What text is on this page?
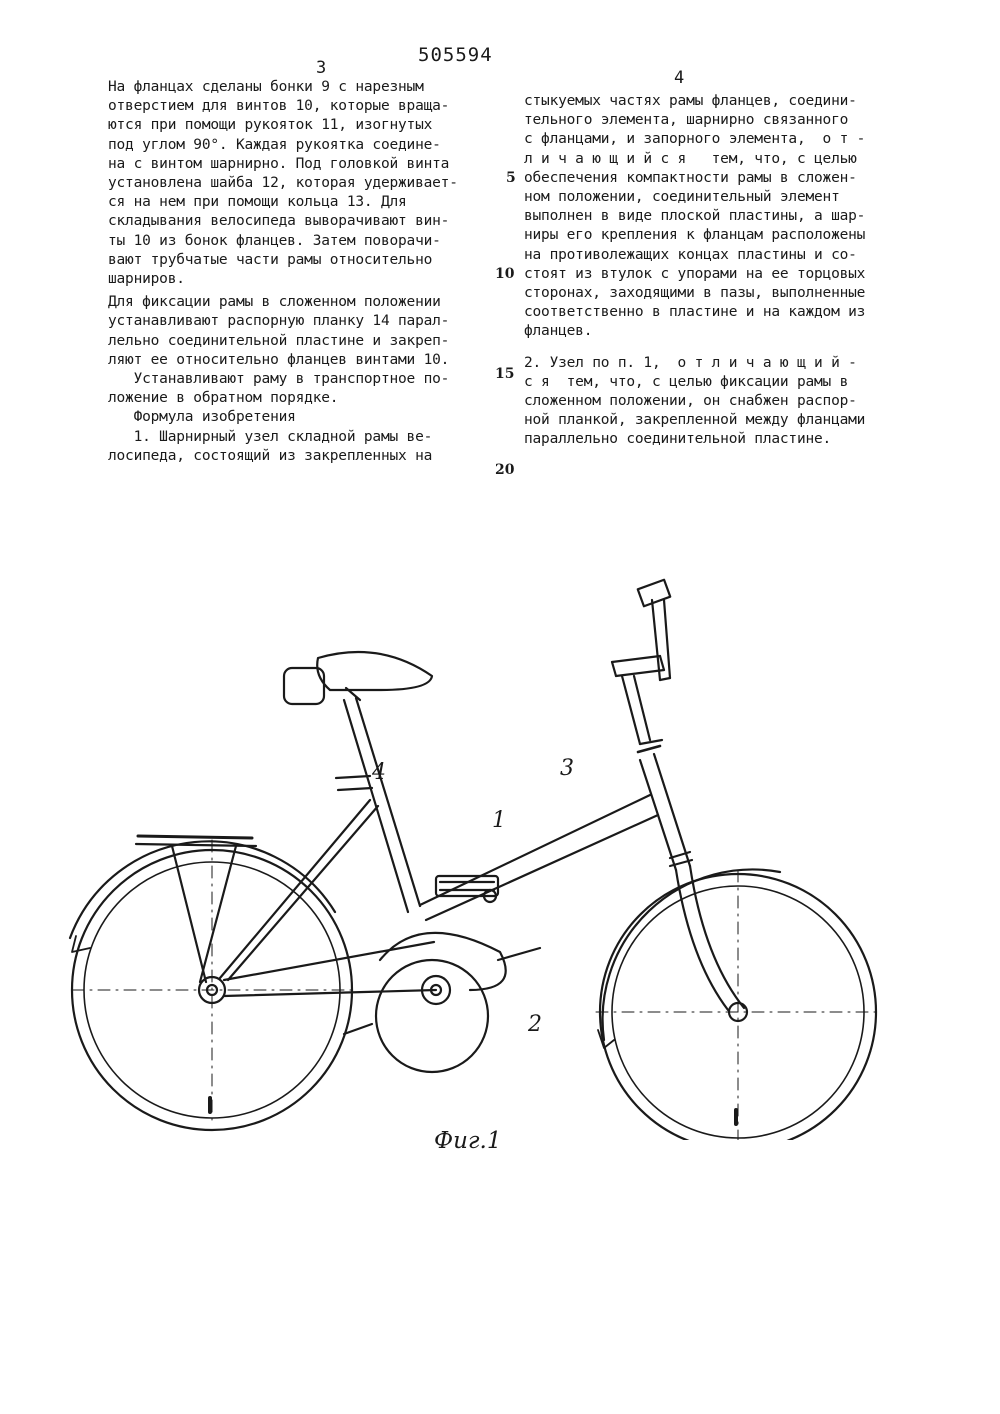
505594
3	4

На фланцах сделаны бонки 9 с нарезным

отверстием для винтов 10, которые враща-

ются при помощи рукояток 11, изогнутых

под углом 90°. Каждая рукоятка соедине-

на с винтом шарнирно. Под головкой винта

установлена шайба 12, которая удерживает-

ся на нем при помощи кольца 13. Для

складывания велосипеда выворачивают вин-

ты 10 из бонок фланцев. Затем поворачи-

вают трубчатые части рамы относительно

шарниров.

Для фиксации рамы в сложенном положении

устанавливают распорную планку 14 парал-

лельно соединительной пластине и закреп-

ляют ее относительно фланцев винтами 10.

Устанавливают раму в транспортное по-

ложение в обратном порядке.

Формула изобретения

1. Шарнирный узел складной рамы ве-

лосипеда, состоящий из закрепленных на

стыкуемых частях рамы фланцев, соедини-

тельного элемента, шарнирно связанного

с фланцами, и запорного элемента,  о т -

л и ч а ю щ и й с я   тем, что, с целью

обеспечения компактности рамы в сложен-

ном положении, соединительный элемент

выполнен в виде плоской пластины, а шар-

ниры его крепления к фланцам расположены

на противолежащих концах пластины и со-

стоят из втулок с упорами на ее торцовых

сторонах, заходящими в пазы, выполненные

соответственно в пластине и на каждом из

фланцев.

2. Узел по п. 1,  о т л и ч а ю щ и й -

с я  тем, что, с целью фиксации рамы в

сложенном положении, он снабжен распор-

ной планкой, закрепленной между фланцами

параллельно соединительной пластине.

5
10
15
20
4	3
1
2
Фиг.1
